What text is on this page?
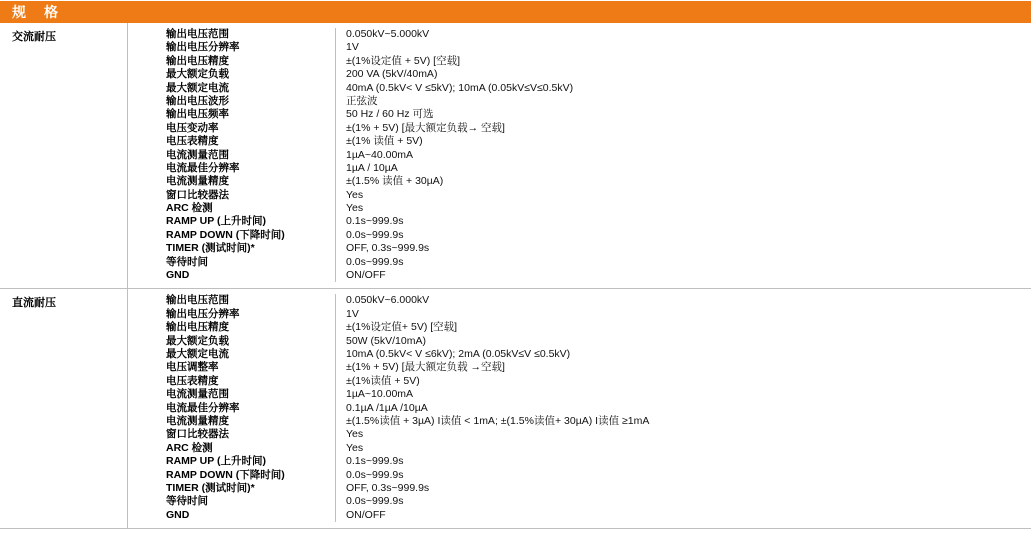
规　格
交流耐压	输出电压范围	0.050kV~5.000kV
输出电压分辨率	1V
输出电压精度	±(1%设定值 + 5V) [空载]
最大额定负载	200 VA (5kV/40mA)
最大额定电流	40mA (0.5kV< V ≤5kV); 10mA (0.05kV≤V≤0.5kV)
输出电压波形	正弦波
输出电压频率	50 Hz / 60 Hz 可选
电压变动率	±(1% + 5V) [最大额定负载→ 空载]
电压表精度	±(1% 读值 + 5V)
电流测量范围	1µA~40.00mA
电流最佳分辨率	1µA / 10µA
电流测量精度	±(1.5% 读值 + 30µA)
窗口比较器法	Yes
ARC 检测	Yes
RAMP UP (上升时间)	0.1s~999.9s
RAMP DOWN (下降时间)	0.0s~999.9s
TIMER (测试时间)*	OFF, 0.3s~999.9s
等待时间	0.0s~999.9s
GND	ON/OFF
直流耐压	输出电压范围	0.050kV~6.000kV
输出电压分辨率	1V
输出电压精度	±(1%设定值+ 5V) [空载]
最大额定负载	50W (5kV/10mA)
最大额定电流	10mA (0.5kV< V ≤6kV); 2mA (0.05kV≤V ≤0.5kV)
电压调整率	±(1% + 5V) [最大额定负载 →空载]
电压表精度	±(1%读值 + 5V)
电流测量范围	1µA~10.00mA
电流最佳分辨率	0.1µA /1µA /10µA
电流测量精度	±(1.5%读值 + 3µA) I读值 < 1mA; ±(1.5%读值+ 30µA) I读值 ≥1mA
窗口比较器法	Yes
ARC 检测	Yes
RAMP UP (上升时间)	0.1s~999.9s
RAMP DOWN (下降时间)	0.0s~999.9s
TIMER (测试时间)*	OFF, 0.3s~999.9s
等待时间	0.0s~999.9s
GND	ON/OFF
